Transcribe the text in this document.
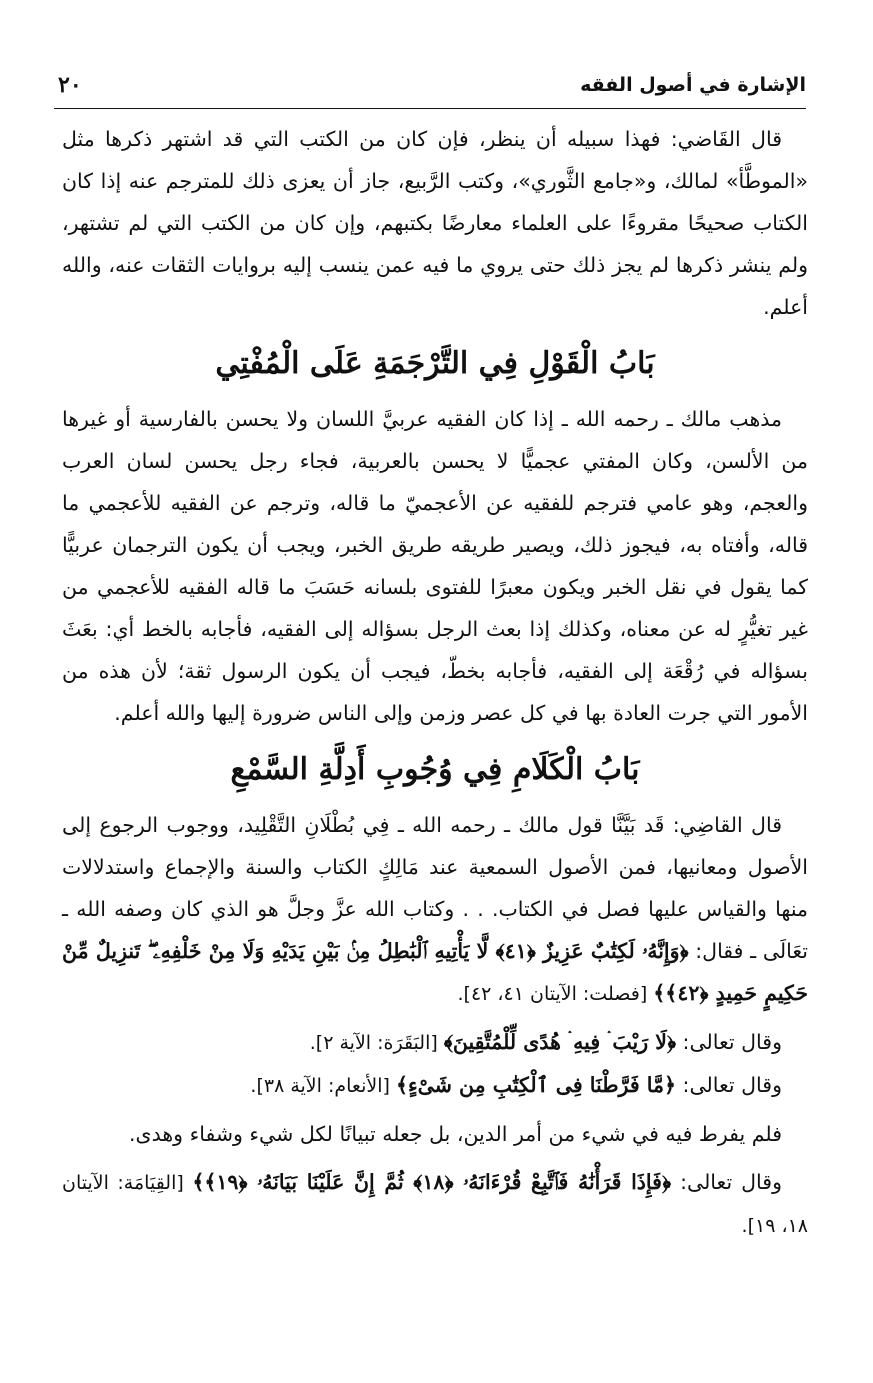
٢٠	الإشارة في أصول الفقه

قال القَاضي: فهذا سبيله أن ينظر، فإن كان من الكتب التي قد اشتهر ذكرها مثل «الموطَّأ» لمالك، و«جامع الثَّوري»، وكتب الرَّبيع، جاز أن يعزى ذلك للمترجم عنه إذا كان الكتاب صحيحًا مقروءًا على العلماء معارضًا بكتبهم، وإن كان من الكتب التي لم تشتهر، ولم ينشر ذكرها لم يجز ذلك حتى يروي ما فيه عمن ينسب إليه بروايات الثقات عنه، والله أعلم.

بَابُ الْقَوْلِ فِي التَّرْجَمَةِ عَلَى الْمُفْتِي

مذهب مالك ـ رحمه الله ـ إذا كان الفقيه عربيَّ اللسان ولا يحسن بالفارسية أو غيرها من الألسن، وكان المفتي عجميًّا لا يحسن بالعربية، فجاء رجل يحسن لسان العرب والعجم، وهو عامي فترجم للفقيه عن الأعجميّ ما قاله، وترجم عن الفقيه للأعجمي ما قاله، وأفتاه به، فيجوز ذلك، ويصير طريقه طريق الخبر، ويجب أن يكون الترجمان عربيًّا كما يقول في نقل الخبر ويكون معبرًا للفتوى بلسانه حَسَبَ ما قاله الفقيه للأعجمي من غير تغيُّرٍ له عن معناه، وكذلك إذا بعث الرجل بسؤاله إلى الفقيه، فأجابه بالخط أي: بعَثَ بسؤاله في رُقْعَة إلى الفقيه، فأجابه بخطّ، فيجب أن يكون الرسول ثقة؛ لأن هذه من الأمور التي جرت العادة بها في كل عصر وزمن وإلى الناس ضرورة إليها والله أعلم.

بَابُ الْكَلَامِ فِي وُجُوبِ أَدِلَّةِ السَّمْعِ

قال القاضِي: قَد بَيَّنَّا قول مالك ـ رحمه الله ـ فِي بُطْلَانِ التَّقْلِيد، ووجوب الرجوع إلى الأصول ومعانيها، فمن الأصول السمعية عند مَالِكٍ الكتاب والسنة والإجماع واستدلالات منها والقياس عليها فصل في الكتاب. . . وكتاب الله عزَّ وجلَّ هو الذي كان وصفه الله ـ تعَالَى ـ فقال: ﴿وَإِنَّهُۥ لَكِتَٰبٌ عَزِيزٌ ﴿٤١﴾ لَّا يَأْتِيهِ ٱلْبَٰطِلُ مِنۢ بَيْنِ يَدَيْهِ وَلَا مِنْ خَلْفِهِۦ ۖ تَنزِيلٌ مِّنْ حَكِيمٍ حَمِيدٍ ﴿٤٢﴾﴾ [فصلت: الآيتان ٤١، ٤٢].

وقال تعالى: ﴿لَا رَيْبَ ۛ فِيهِ ۛ هُدًى لِّلْمُتَّقِينَ﴾ [البَقَرَة: الآية ٢].

وقال تعالى: ﴿مَّا فَرَّطْنَا فِى ٱلْكِتَٰبِ مِن شَىْءٍ﴾ [الأنعام: الآية ٣٨].

فلم يفرط فيه في شيء من أمر الدين، بل جعله تبيانًا لكل شيء وشفاء وهدى.

وقال تعالى: ﴿فَإِذَا قَرَأْنَٰهُ فَٱتَّبِعْ قُرْءَانَهُۥ ﴿١٨﴾ ثُمَّ إِنَّ عَلَيْنَا بَيَانَهُۥ ﴿١٩﴾﴾ [القِيَامَة: الآيتان ١٨، ١٩].
